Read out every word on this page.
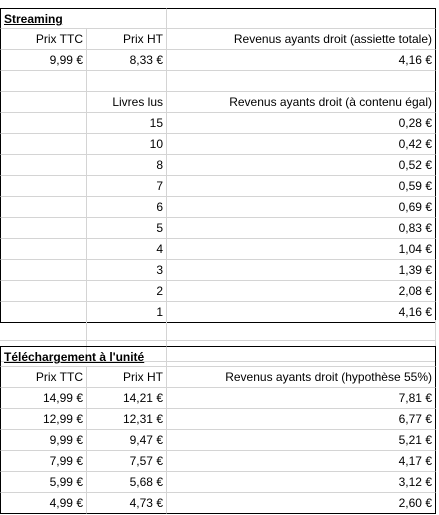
Streaming
Prix TTC	Prix HT	Revenus ayants droit (assiette totale)
9,99 €	8,33 €	4,16 €
Livres lus	Revenus ayants droit (à contenu égal)
15	0,28 €
10	0,42 €
8	0,52 €
7	0,59 €
6	0,69 €
5	0,83 €
4	1,04 €
3	1,39 €
2	2,08 €
1	4,16 €
Téléchargement à l'unité
Prix TTC	Prix HT	Revenus ayants droit (hypothèse 55%)
14,99 €	14,21 €	7,81 €
12,99 €	12,31 €	6,77 €
9,99 €	9,47 €	5,21 €
7,99 €	7,57 €	4,17 €
5,99 €	5,68 €	3,12 €
4,99 €	4,73 €	2,60 €
